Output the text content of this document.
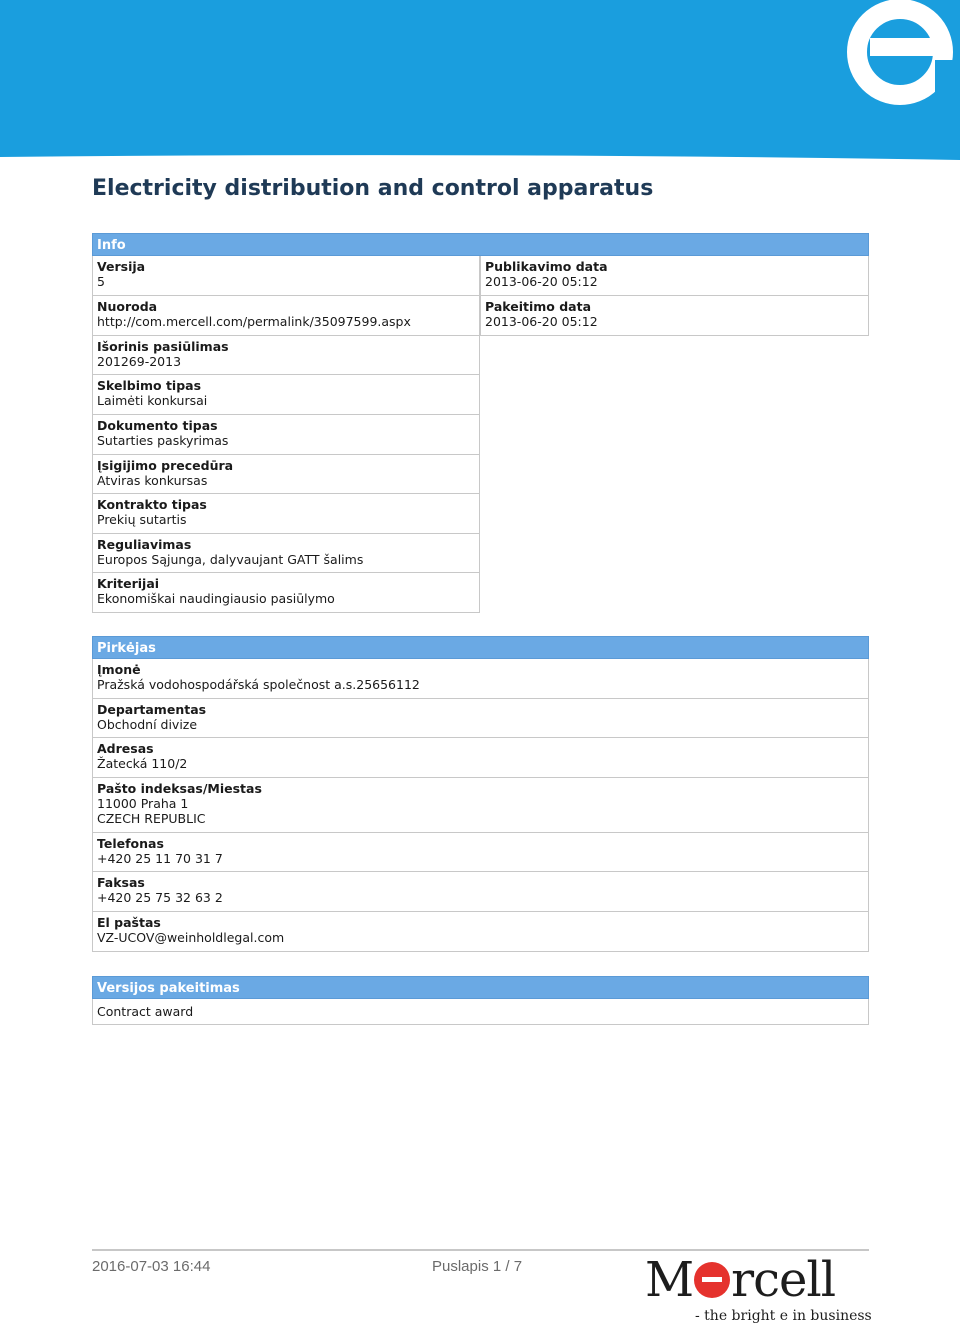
Electricity distribution and control apparatus
Info
Versija
5
Nuoroda
http://com.mercell.com/permalink/35097599.aspx
Išorinis pasiūlimas
201269-2013
Skelbimo tipas
Laimėti konkursai
Dokumento tipas
Sutarties paskyrimas
Įsigijimo precedūra
Atviras konkursas
Kontrakto tipas
Prekių sutartis
Reguliavimas
Europos Sąjunga, dalyvaujant GATT šalims
Kriterijai
Ekonomiškai naudingiausio pasiūlymo
Publikavimo data
2013-06-20 05:12
Pakeitimo data
2013-06-20 05:12
Pirkėjas
Įmonė
Pražská vodohospodářská společnost a.s.25656112
Departamentas
Obchodní divize
Adresas
Žatecká 110/2
Pašto indeksas/Miestas
11000 Praha 1
CZECH REPUBLIC
Telefonas
+420 25 11 70 31 7
Faksas
+420 25 75 32 63 2
El paštas
VZ-UCOV@weinholdlegal.com
Versijos pakeitimas
Contract award
2016-07-03 16:44	Puslapis 1 / 7	M rcell
- the bright e in business
